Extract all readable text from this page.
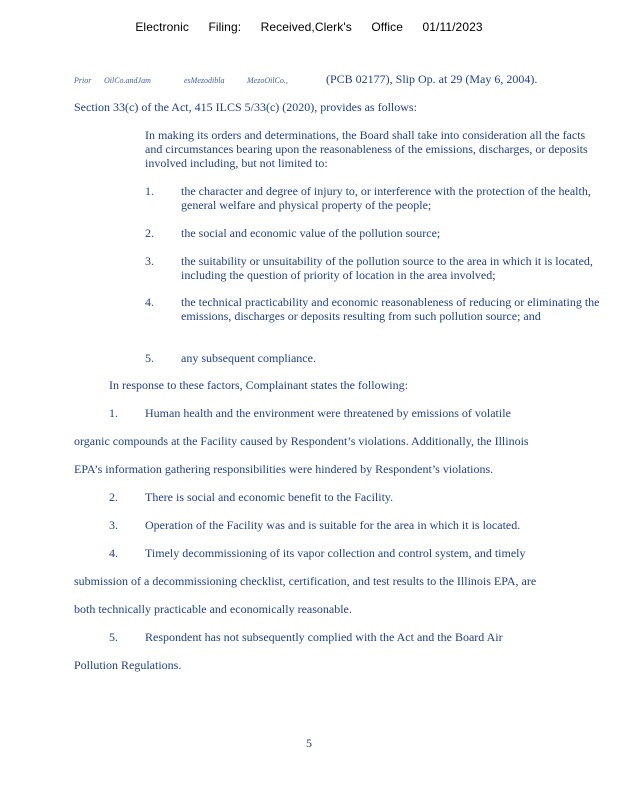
Electronic Filing: Received,Clerk's Office 01/11/2023
Prior OilCo.andJam	esMezodibla	MezoOilCo.,	(PCB 02177), Slip Op. at 29 (May 6, 2004).
Section 33(c) of the Act, 415 ILCS 5/33(c) (2020), provides as follows:
In making its orders and determinations, the Board shall take into consideration all the facts and circumstances bearing upon the reasonableness of the emissions, discharges, or deposits involved including, but not limited to:
1. the character and degree of injury to, or interference with the protection of the health, general welfare and physical property of the people;
2. the social and economic value of the pollution source;
3. the suitability or unsuitability of the pollution source to the area in which it is located, including the question of priority of location in the area involved;
4. the technical practicability and economic reasonableness of reducing or eliminating the emissions, discharges or deposits resulting from such pollution source; and
5. any subsequent compliance.
In response to these factors, Complainant states the following:
1. Human health and the environment were threatened by emissions of volatile
organic compounds at the Facility caused by Respondent’s violations. Additionally, the Illinois
EPA’s information gathering responsibilities were hindered by Respondent’s violations.
2. There is social and economic benefit to the Facility.
3. Operation of the Facility was and is suitable for the area in which it is located.
4. Timely decommissioning of its vapor collection and control system, and timely
submission of a decommissioning checklist, certification, and test results to the Illinois EPA, are
both technically practicable and economically reasonable.
5. Respondent has not subsequently complied with the Act and the Board Air
Pollution Regulations.
5
